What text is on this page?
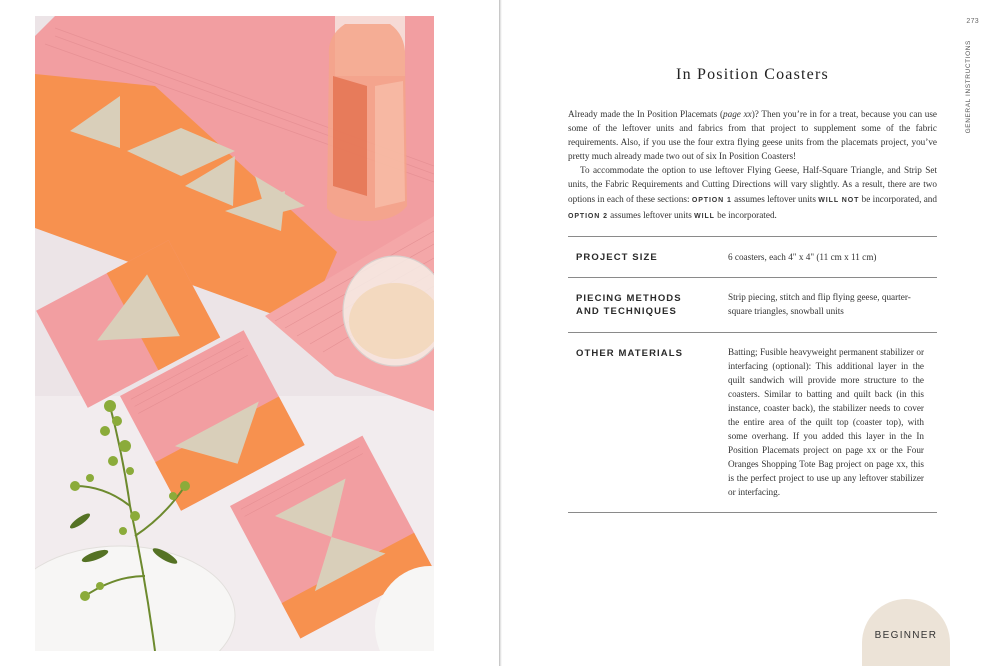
273
GENERAL INSTRUCTIONS
In Position Coasters

Already made the In Position Placemats (page xx)? Then you’re in for a treat, because you can use some of the leftover units and fabrics from that project to supplement some of the fabric requirements. Also, if you use the four extra flying geese units from the placemats project, you’ve pretty much already made two out of six In Position Coasters!

To accommodate the option to use leftover Flying Geese, Half-Square Triangle, and Strip Set units, the Fabric Requirements and Cutting Directions will vary slightly. As a result, there are two options in each of these sections: OPTION 1 assumes leftover units WILL NOT be incorporated, and OPTION 2 assumes leftover units WILL be incorporated.

PROJECT SIZE	6 coasters, each 4" x 4" (11 cm x 11 cm)
PIECING METHODS AND TECHNIQUES
Strip piecing, stitch and flip flying geese, quarter-square triangles, snowball units
OTHER MATERIALS	Batting; Fusible heavyweight permanent stabilizer or interfacing (optional): This additional layer in the quilt sandwich will provide more structure to the coasters. Similar to batting and quilt back (in this instance, coaster back), the stabilizer needs to cover the entire area of the quilt top (coaster top), with some overhang. If you added this layer in the In Position Placemats project on page xx or the Four Oranges Shopping Tote Bag project on page xx, this is the perfect project to use up any leftover stabilizer or interfacing.
BEGINNER
